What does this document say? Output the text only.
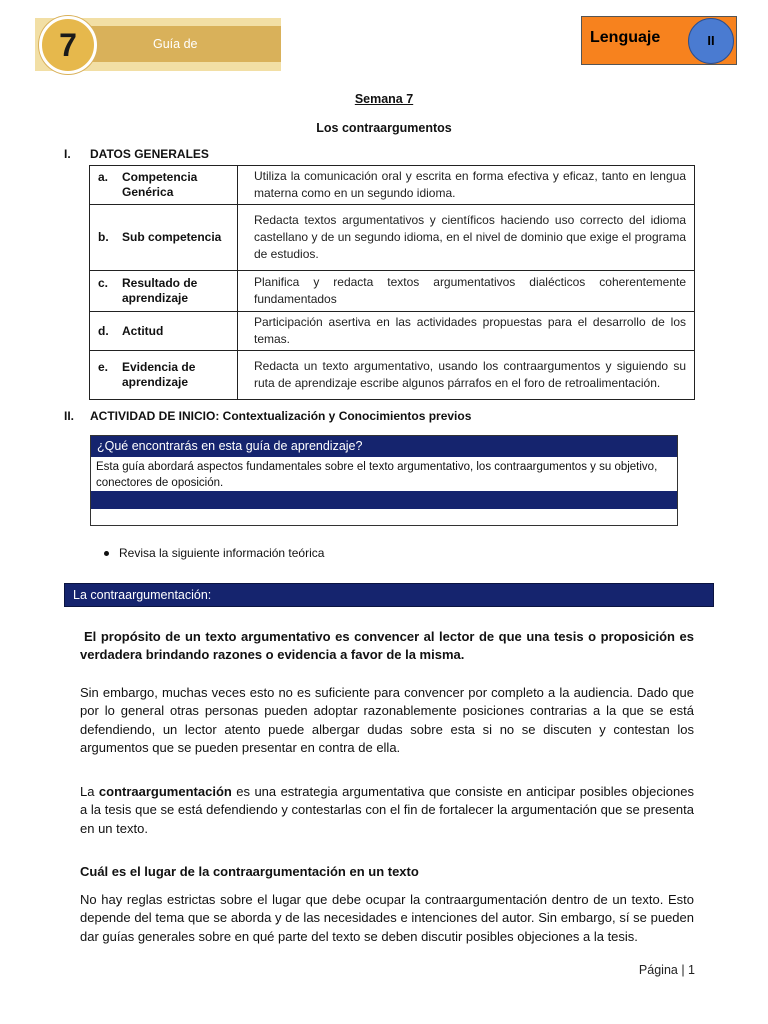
Guía de autoaprendizaje
7	Lenguaje	II
Semana 7
Los contraargumentos
I. DATOS GENERALES
a. Competencia Genérica	Utiliza la comunicación oral y escrita en forma efectiva y eficaz, tanto en lengua materna como en un segundo idioma.
b. Sub competencia	Redacta textos argumentativos y científicos haciendo uso correcto del idioma castellano y de un segundo idioma, en el nivel de dominio que exige el programa de estudios.
c. Resultado de aprendizaje	Planifica y redacta textos argumentativos dialécticos coherentemente fundamentados
d. Actitud	Participación asertiva en las actividades propuestas para el desarrollo de los temas.
e. Evidencia de aprendizaje	Redacta un texto argumentativo, usando los contraargumentos y siguiendo su ruta de aprendizaje escribe algunos párrafos en el foro de retroalimentación.
II. ACTIVIDAD DE INICIO: Contextualización y Conocimientos previos
¿Qué encontrarás en esta guía de aprendizaje?
Esta guía abordará aspectos fundamentales sobre el texto argumentativo, los contraargumentos y su objetivo, conectores de oposición.
Revisa la siguiente información teórica
La contraargumentación:
El propósito de un texto argumentativo es convencer al lector de que una tesis o proposición es verdadera brindando razones o evidencia a favor de la misma.
Sin embargo, muchas veces esto no es suficiente para convencer por completo a la audiencia. Dado que por lo general otras personas pueden adoptar razonablemente posiciones contrarias a la que se está defendiendo, un lector atento puede albergar dudas sobre esta si no se discuten y contestan los argumentos que se pueden presentar en contra de ella.
La contraargumentación es una estrategia argumentativa que consiste en anticipar posibles objeciones a la tesis que se está defendiendo y contestarlas con el fin de fortalecer la argumentación que se presenta en un texto.
Cuál es el lugar de la contraargumentación en un texto
No hay reglas estrictas sobre el lugar que debe ocupar la contraargumentación dentro de un texto. Esto depende del tema que se aborda y de las necesidades e intenciones del autor. Sin embargo, sí se pueden dar guías generales sobre en qué parte del texto se deben discutir posibles objeciones a la tesis.
Página | 1
